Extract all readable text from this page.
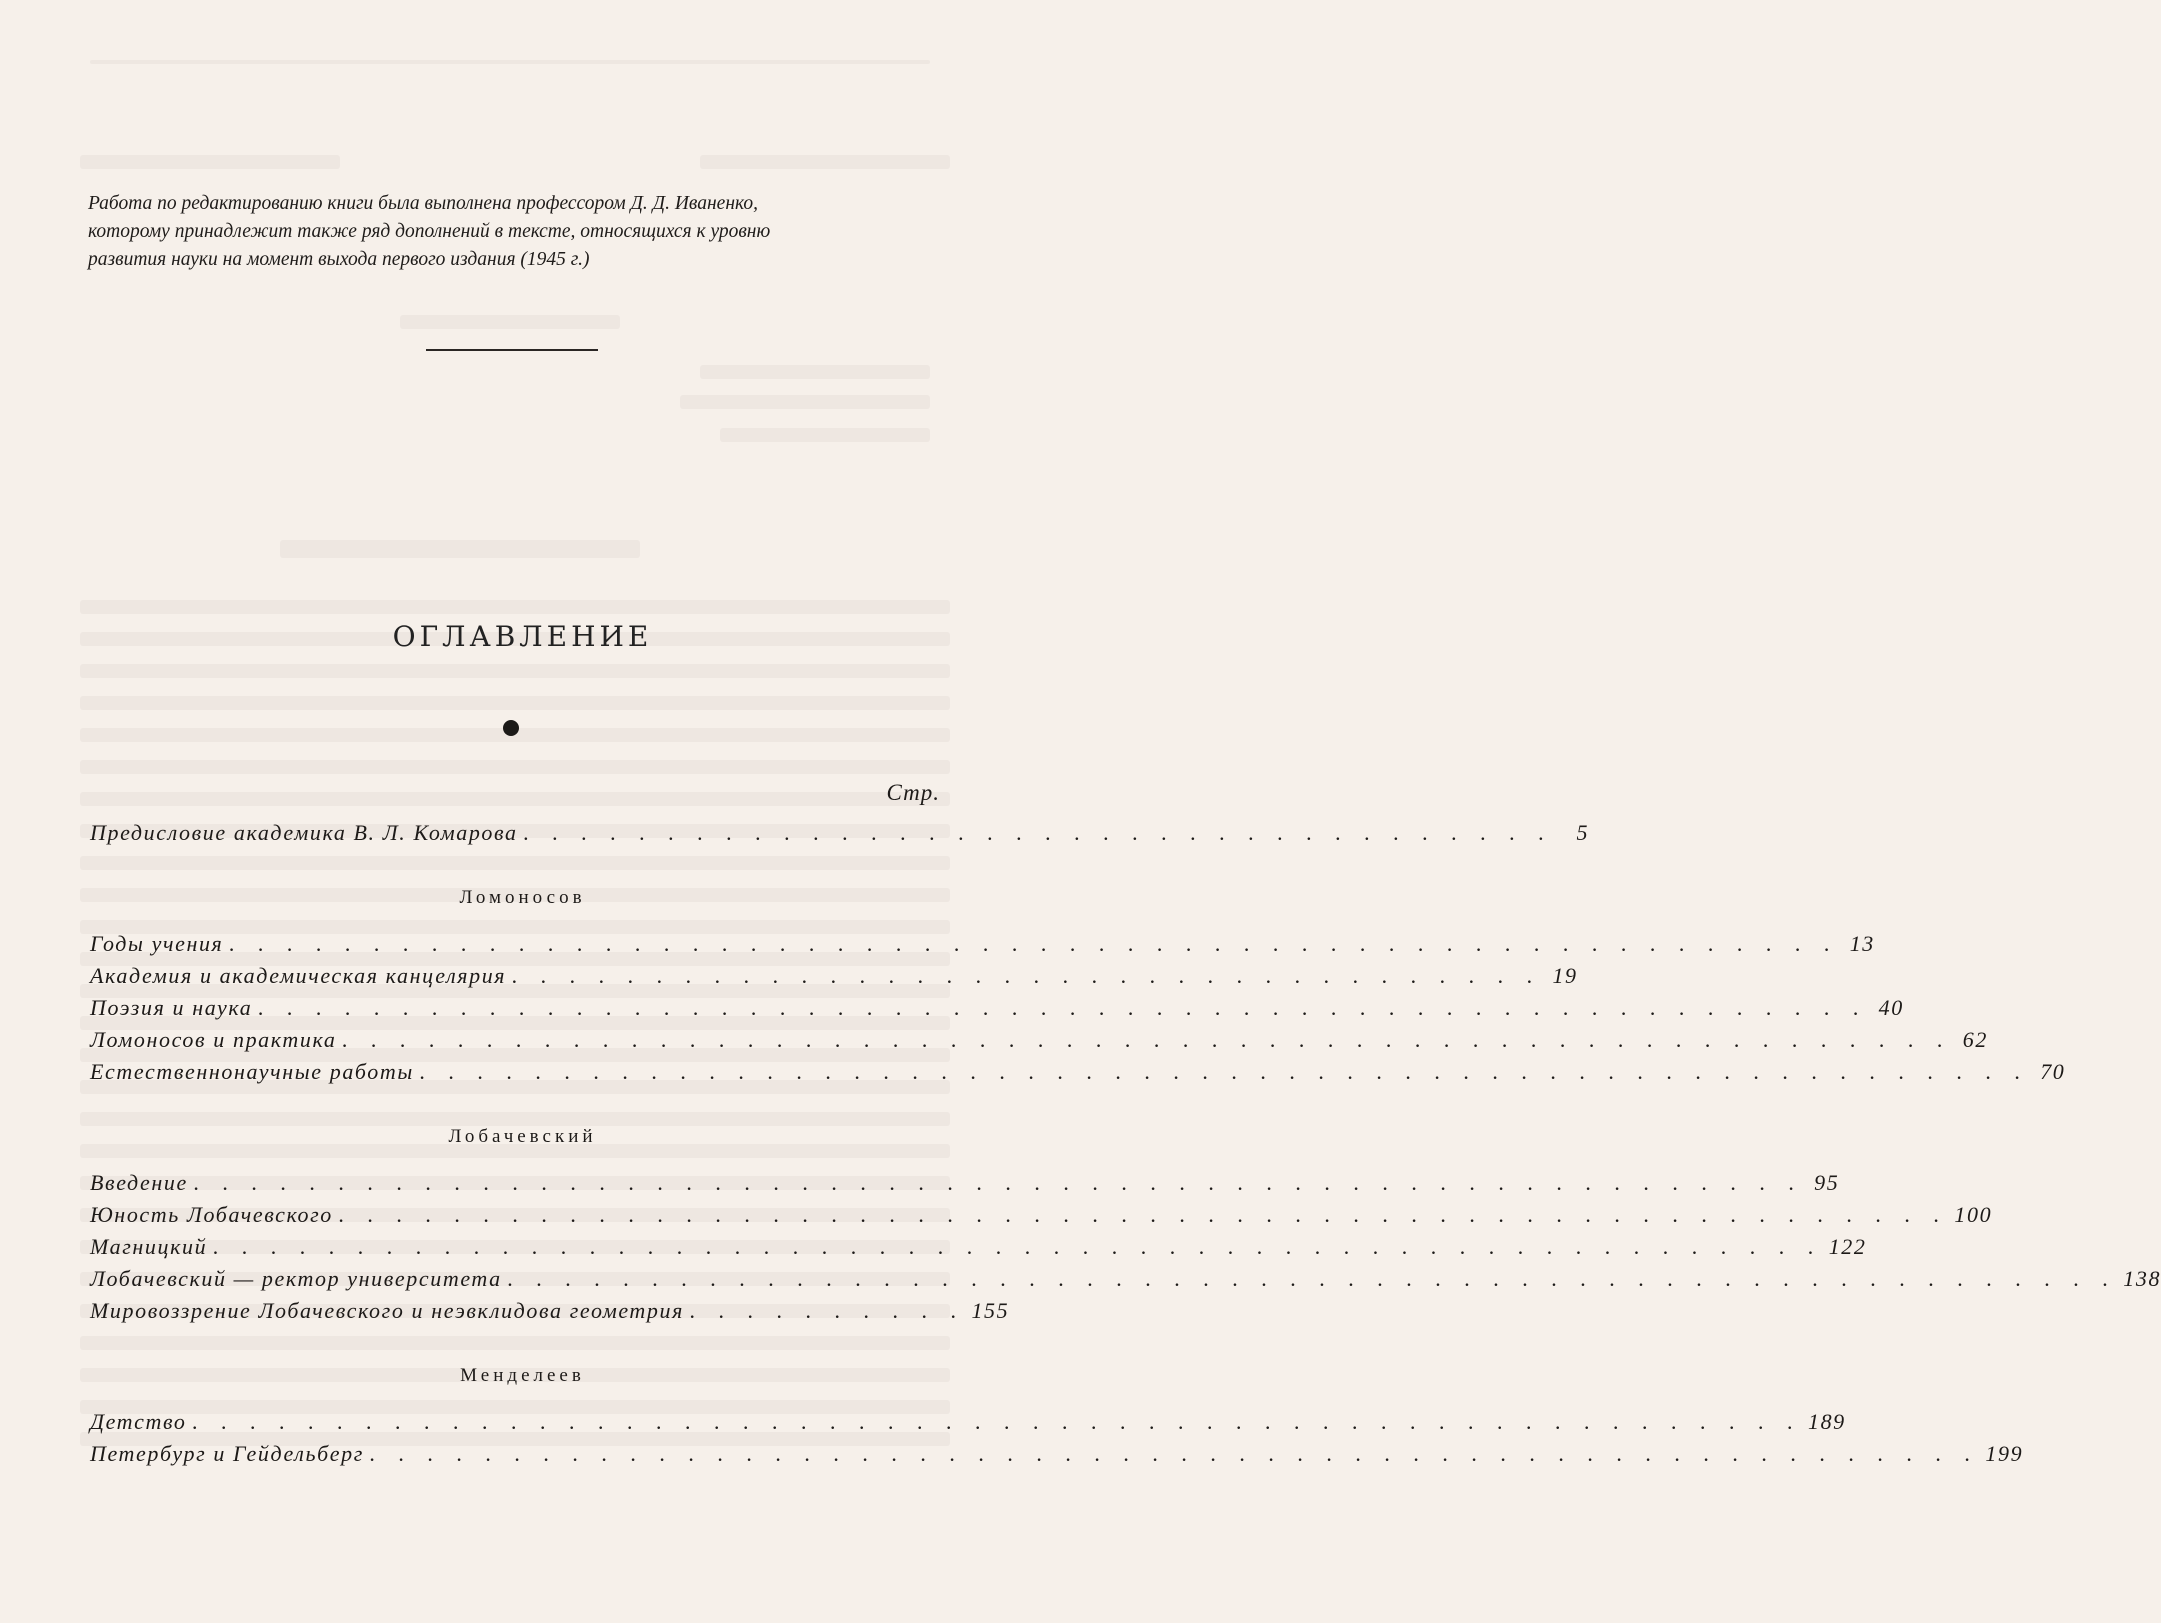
Работа по редактированию книги была выполнена профессором Д. Д. Иваненко,
которому принадлежит также ряд дополнений в тексте, относящихся к уровню
развития науки на момент выхода первого издания (1945 г.)
ОГЛАВЛЕНИЕ
Стр.
Предисловие академика В. Л. Комарова . . . . . . . . . . . . . . . . . . . . . . . . . . . . . . . . . . . .	5
Ломоносов
Годы учения . . . . . . . . . . . . . . . . . . . . . . . . . . . . . . . . . . . . . . . . . . . . . . . . . . . . . . . . 13
Академия и академическая канцелярия . . . . . . . . . . . . . . . . . . . . . . . . . . . . . . . . . . . . 19
Поэзия и наука . . . . . . . . . . . . . . . . . . . . . . . . . . . . . . . . . . . . . . . . . . . . . . . . . . . . . . . . 40
Ломоносов и практика . . . . . . . . . . . . . . . . . . . . . . . . . . . . . . . . . . . . . . . . . . . . . . . . . . . . . . . . 62
Естественнонаучные работы . . . . . . . . . . . . . . . . . . . . . . . . . . . . . . . . . . . . . . . . . . . . . . . . . . . . . . . . 70
Лобачевский
Введение . . . . . . . . . . . . . . . . . . . . . . . . . . . . . . . . . . . . . . . . . . . . . . . . . . . . . . . . 95
Юность Лобачевского . . . . . . . . . . . . . . . . . . . . . . . . . . . . . . . . . . . . . . . . . . . . . . . . . . . . . . . . 100
Магницкий . . . . . . . . . . . . . . . . . . . . . . . . . . . . . . . . . . . . . . . . . . . . . . . . . . . . . . . . 122
Лобачевский — ректор университета . . . . . . . . . . . . . . . . . . . . . . . . . . . . . . . . . . . . . . . . . . . . . . . . . . . . . . . . 138
Мировоззрение Лобачевского и неэвклидова геометрия . . . . . . . . . . 155
Менделеев
Детство . . . . . . . . . . . . . . . . . . . . . . . . . . . . . . . . . . . . . . . . . . . . . . . . . . . . . . . . 189
Петербург и Гейдельберг . . . . . . . . . . . . . . . . . . . . . . . . . . . . . . . . . . . . . . . . . . . . . . . . . . . . . . . . 199
